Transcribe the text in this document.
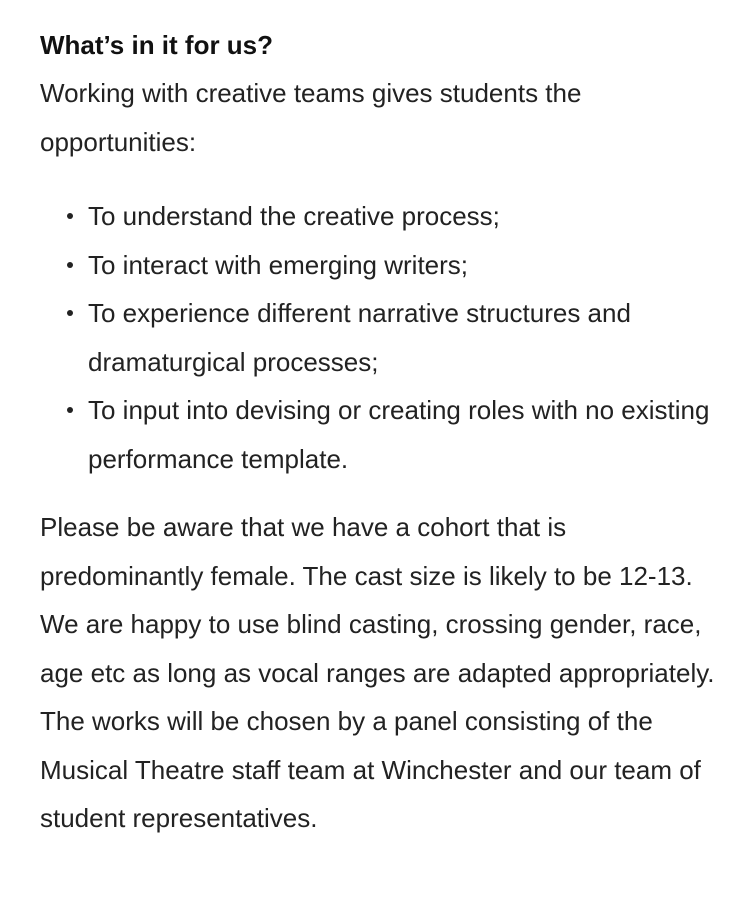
What’s in it for us?

Working with creative teams gives students the opportunities:

To understand the creative process;
To interact with emerging writers;
To experience different narrative structures and dramaturgical processes;
To input into devising or creating roles with no existing performance template.

Please be aware that we have a cohort that is predominantly female. The cast size is likely to be 12-13. We are happy to use blind casting, crossing gender, race, age etc as long as vocal ranges are adapted appropriately.

The works will be chosen by a panel consisting of the Musical Theatre staff team at Winchester and our team of student representatives.
